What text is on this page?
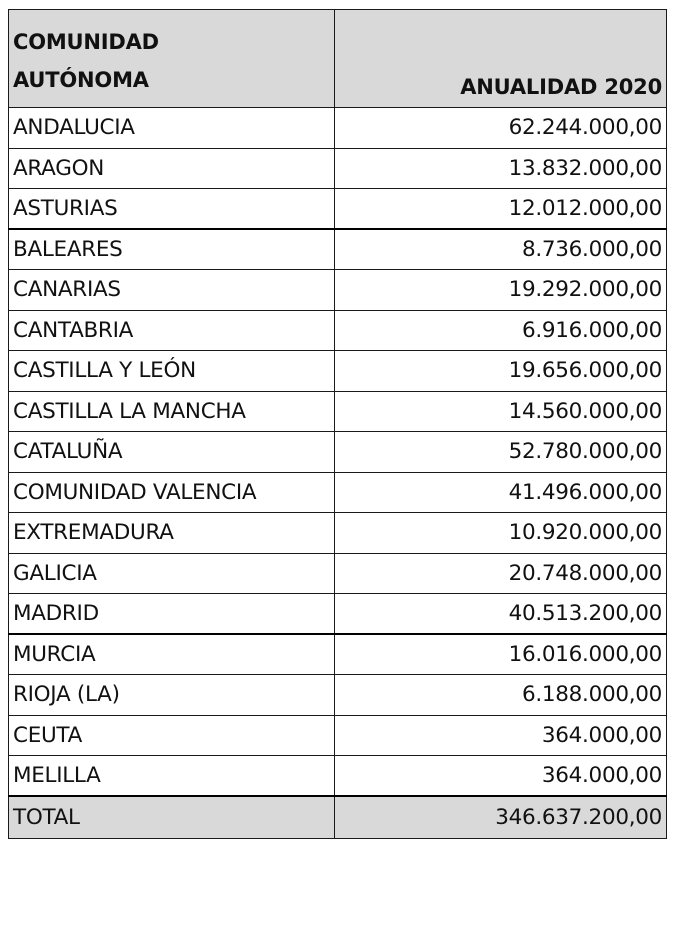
COMUNIDAD
AUTÓNOMA	ANUALIDAD 2020
ANDALUCIA	62.244.000,00
ARAGON	13.832.000,00
ASTURIAS	12.012.000,00
BALEARES	8.736.000,00
CANARIAS	19.292.000,00
CANTABRIA	6.916.000,00
CASTILLA Y LEÓN	19.656.000,00
CASTILLA LA MANCHA	14.560.000,00
CATALUÑA	52.780.000,00
COMUNIDAD VALENCIA	41.496.000,00
EXTREMADURA	10.920.000,00
GALICIA	20.748.000,00
MADRID	40.513.200,00
MURCIA	16.016.000,00
RIOJA (LA)	6.188.000,00
CEUTA	364.000,00
MELILLA	364.000,00
TOTAL	346.637.200,00
